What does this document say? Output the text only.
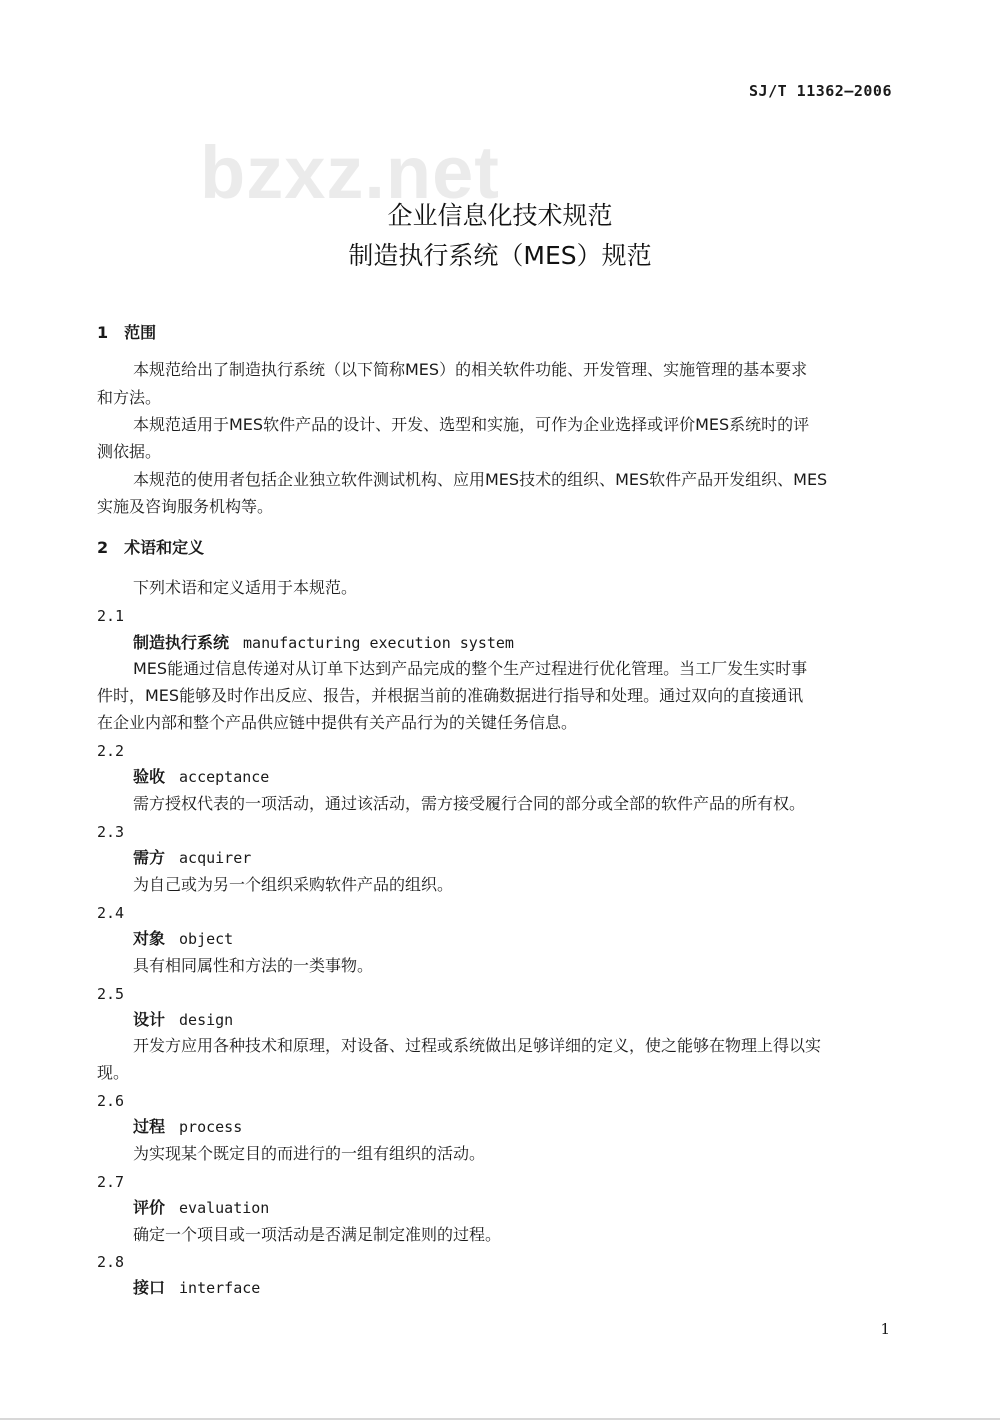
bzxz.net
SJ/T 11362—2006
企业信息化技术规范
制造执行系统（MES）规范
1　范围
本规范给出了制造执行系统（以下简称MES）的相关软件功能、开发管理、实施管理的基本要求
和方法。
本规范适用于MES软件产品的设计、开发、选型和实施，可作为企业选择或评价MES系统时的评
测依据。
本规范的使用者包括企业独立软件测试机构、应用MES技术的组织、MES软件产品开发组织、MES
实施及咨询服务机构等。
2　术语和定义
下列术语和定义适用于本规范。
2.1
制造执行系统 manufacturing execution system
MES能通过信息传递对从订单下达到产品完成的整个生产过程进行优化管理。当工厂发生实时事
件时，MES能够及时作出反应、报告，并根据当前的准确数据进行指导和处理。通过双向的直接通讯
在企业内部和整个产品供应链中提供有关产品行为的关键任务信息。
2.2
验收 acceptance
需方授权代表的一项活动，通过该活动，需方接受履行合同的部分或全部的软件产品的所有权。
2.3
需方 acquirer
为自己或为另一个组织采购软件产品的组织。
2.4
对象 object
具有相同属性和方法的一类事物。
2.5
设计 design
开发方应用各种技术和原理，对设备、过程或系统做出足够详细的定义，使之能够在物理上得以实
现。
2.6
过程 process
为实现某个既定目的而进行的一组有组织的活动。
2.7
评价 evaluation
确定一个项目或一项活动是否满足制定准则的过程。
2.8
接口 interface
1
